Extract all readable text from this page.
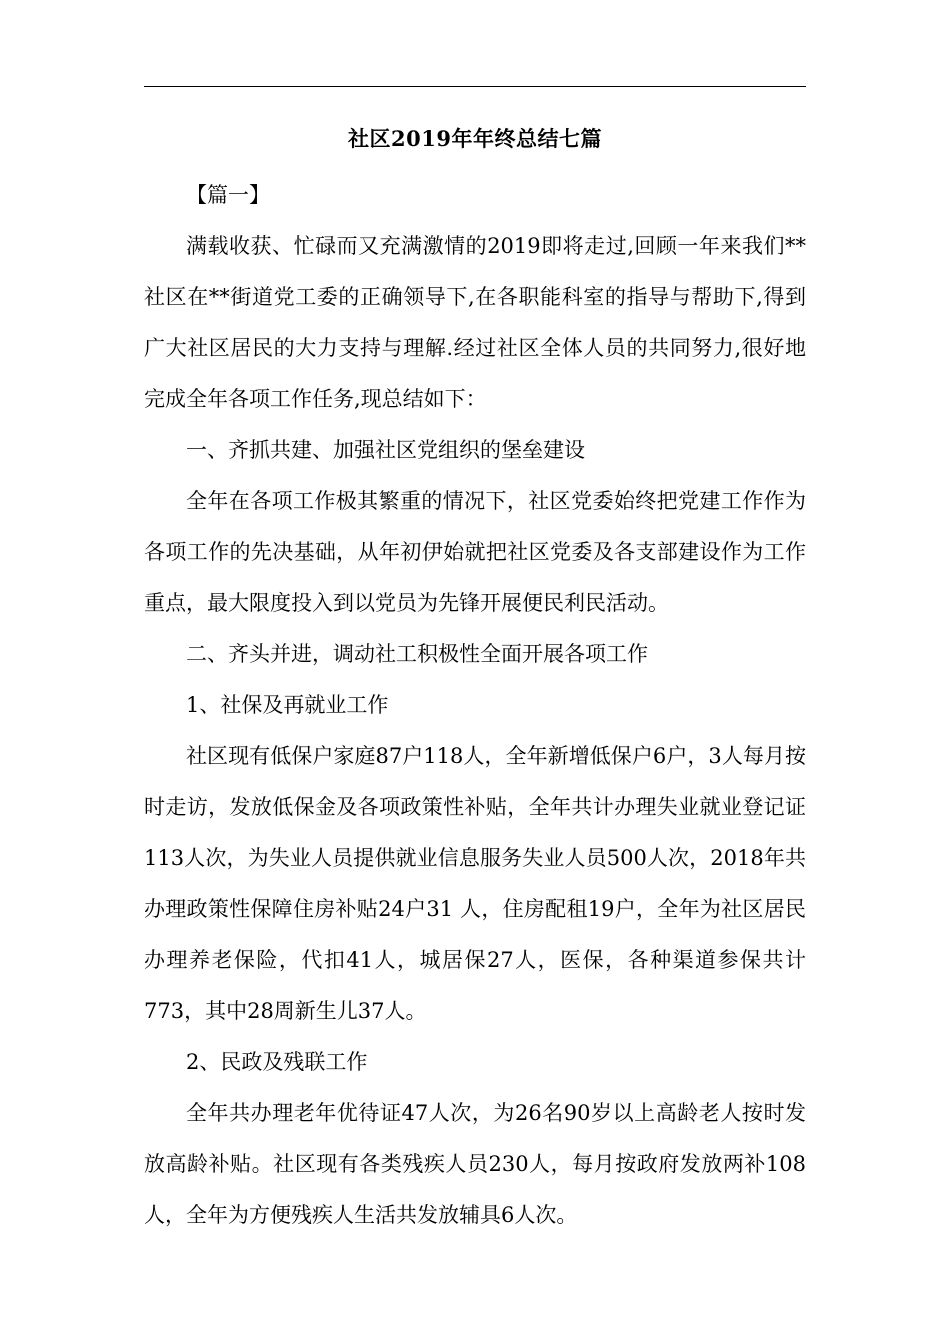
社区2019年年终总结七篇

【篇一】

满载收获、忙碌而又充满激情的2019即将走过,回顾一年来我们**社区在**街道党工委的正确领导下,在各职能科室的指导与帮助下,得到广大社区居民的大力支持与理解.经过社区全体人员的共同努力,很好地完成全年各项工作任务,现总结如下：

一、齐抓共建、加强社区党组织的堡垒建设

全年在各项工作极其繁重的情况下，社区党委始终把党建工作作为各项工作的先决基础，从年初伊始就把社区党委及各支部建设作为工作重点，最大限度投入到以党员为先锋开展便民利民活动。

二、齐头并进，调动社工积极性全面开展各项工作

1、社保及再就业工作

社区现有低保户家庭87户118人，全年新增低保户6户，3人每月按时走访，发放低保金及各项政策性补贴，全年共计办理失业就业登记证113人次，为失业人员提供就业信息服务失业人员500人次，2018年共办理政策性保障住房补贴24户31 人，住房配租19户，全年为社区居民办理养老保险，代扣41人，城居保27人，医保，各种渠道参保共计773，其中28周新生儿37人。

2、民政及残联工作

全年共办理老年优待证47人次，为26名90岁以上高龄老人按时发放高龄补贴。社区现有各类残疾人员230人，每月按政府发放两补108人，全年为方便残疾人生活共发放辅具6人次。
